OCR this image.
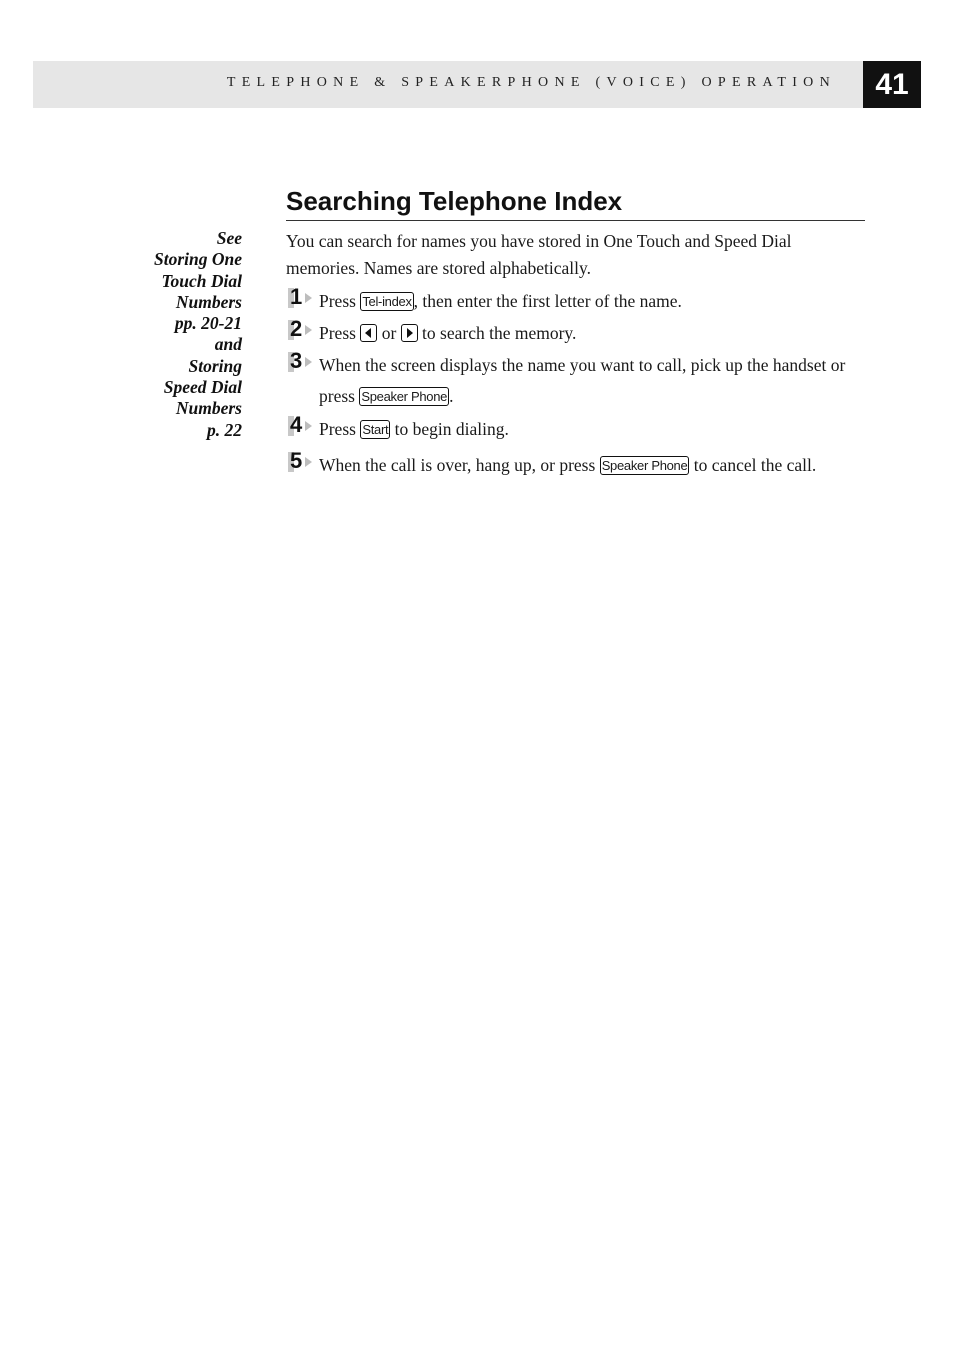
TELEPHONE & SPEAKERPHONE (VOICE) OPERATION	41
See
Storing One
Touch Dial
Numbers
pp. 20-21
and
Storing
Speed Dial
Numbers
p. 22
Searching Telephone Index
You can search for names you have stored in One Touch and Speed Dial memories. Names are stored alphabetically.
1 Press Tel-index , then enter the first letter of the name.
2 Press
or
to search the memory.
3 When the screen displays the name you want to call, pick up the handset or press Speaker Phone .
4 Press Start to begin dialing.
5 When the call is over, hang up, or press Speaker Phone to cancel the call.
